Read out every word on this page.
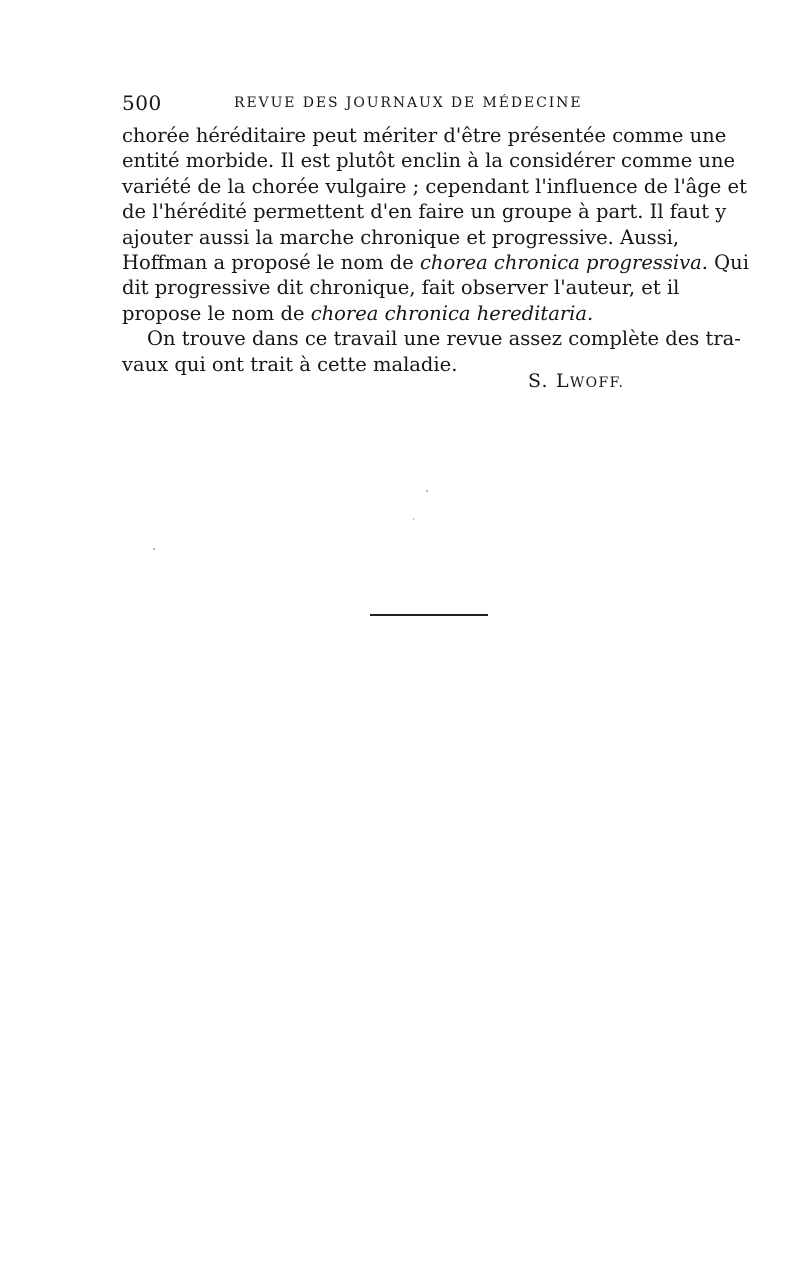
500	REVUE DES JOURNAUX DE MÉDECINE
chorée héréditaire peut mériter d'être présentée comme une
entité morbide. Il est plutôt enclin à la considérer comme une
variété de la chorée vulgaire ; cependant l'influence de l'âge et
de l'hérédité permettent d'en faire un groupe à part. Il faut y
ajouter aussi la marche chronique et progressive. Aussi,
Hoffman a proposé le nom de chorea chronica progressiva. Qui
dit progressive dit chronique, fait observer l'auteur, et il
propose le nom de chorea chronica hereditaria.
On trouve dans ce travail une revue assez complète des tra-
vaux qui ont trait à cette maladie.
S. LWOFF.
